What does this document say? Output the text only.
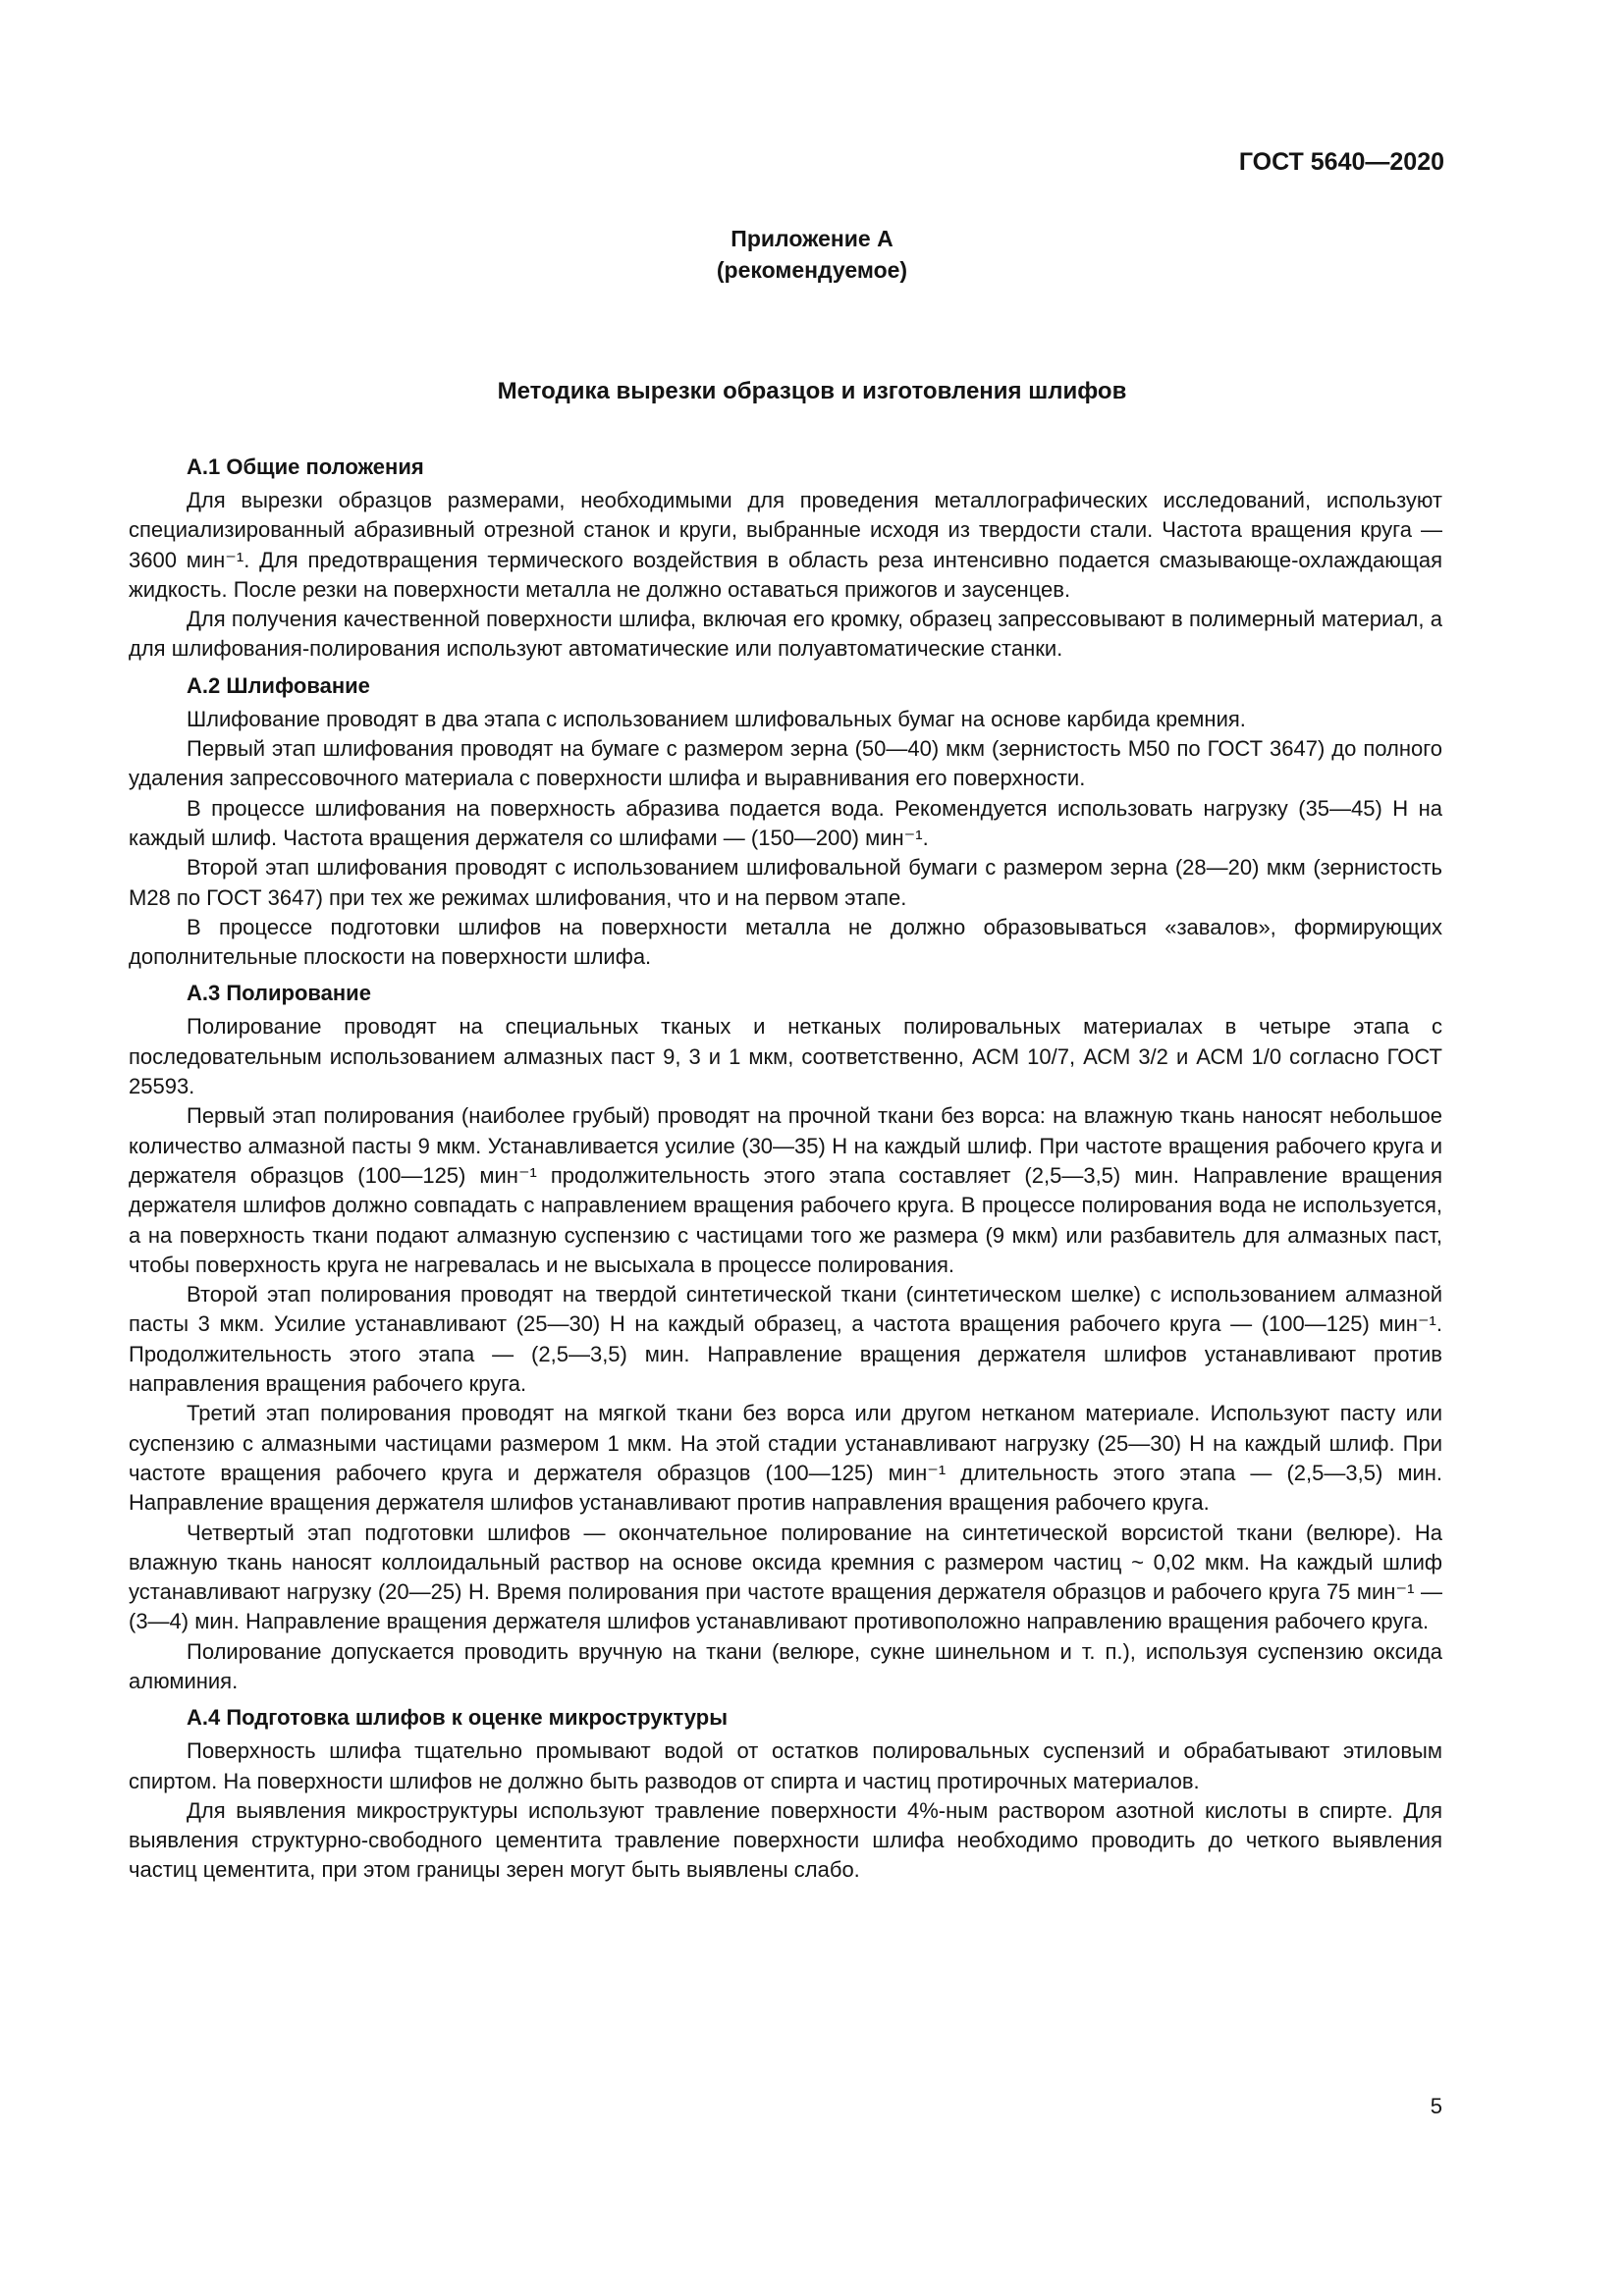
ГОСТ 5640—2020
Приложение А
(рекомендуемое)
Методика вырезки образцов и изготовления шлифов
А.1 Общие положения

Для вырезки образцов размерами, необходимыми для проведения металлографических исследований, используют специализированный абразивный отрезной станок и круги, выбранные исходя из твердости стали. Частота вращения круга — 3600 мин⁻¹. Для предотвращения термического воздействия в область реза интенсивно подается смазывающе-охлаждающая жидкость. После резки на поверхности металла не должно оставаться прижогов и заусенцев.

Для получения качественной поверхности шлифа, включая его кромку, образец запрессовывают в полимерный материал, а для шлифования-полирования используют автоматические или полуавтоматические станки.

А.2 Шлифование

Шлифование проводят в два этапа с использованием шлифовальных бумаг на основе карбида кремния.

Первый этап шлифования проводят на бумаге с размером зерна (50—40) мкм (зернистость М50 по ГОСТ 3647) до полного удаления запрессовочного материала с поверхности шлифа и выравнивания его поверхности.

В процессе шлифования на поверхность абразива подается вода. Рекомендуется использовать нагрузку (35—45) Н на каждый шлиф. Частота вращения держателя со шлифами — (150—200) мин⁻¹.

Второй этап шлифования проводят с использованием шлифовальной бумаги с размером зерна (28—20) мкм (зернистость М28 по ГОСТ 3647) при тех же режимах шлифования, что и на первом этапе.

В процессе подготовки шлифов на поверхности металла не должно образовываться «завалов», формирующих дополнительные плоскости на поверхности шлифа.

А.3 Полирование

Полирование проводят на специальных тканых и нетканых полировальных материалах в четыре этапа с последовательным использованием алмазных паст 9, 3 и 1 мкм, соответственно, АСМ 10/7, АСМ 3/2 и АСМ 1/0 согласно ГОСТ 25593.

Первый этап полирования (наиболее грубый) проводят на прочной ткани без ворса: на влажную ткань наносят небольшое количество алмазной пасты 9 мкм. Устанавливается усилие (30—35) Н на каждый шлиф. При частоте вращения рабочего круга и держателя образцов (100—125) мин⁻¹ продолжительность этого этапа составляет (2,5—3,5) мин. Направление вращения держателя шлифов должно совпадать с направлением вращения рабочего круга. В процессе полирования вода не используется, а на поверхность ткани подают алмазную суспензию с частицами того же размера (9 мкм) или разбавитель для алмазных паст, чтобы поверхность круга не нагревалась и не высыхала в процессе полирования.

Второй этап полирования проводят на твердой синтетической ткани (синтетическом шелке) с использованием алмазной пасты 3 мкм. Усилие устанавливают (25—30) Н на каждый образец, а частота вращения рабочего круга — (100—125) мин⁻¹. Продолжительность этого этапа — (2,5—3,5) мин. Направление вращения держателя шлифов устанавливают против направления вращения рабочего круга.

Третий этап полирования проводят на мягкой ткани без ворса или другом нетканом материале. Используют пасту или суспензию с алмазными частицами размером 1 мкм. На этой стадии устанавливают нагрузку (25—30) Н на каждый шлиф. При частоте вращения рабочего круга и держателя образцов (100—125) мин⁻¹ длительность этого этапа — (2,5—3,5) мин. Направление вращения держателя шлифов устанавливают против направления вращения рабочего круга.

Четвертый этап подготовки шлифов — окончательное полирование на синтетической ворсистой ткани (велюре). На влажную ткань наносят коллоидальный раствор на основе оксида кремния с размером частиц ~ 0,02 мкм. На каждый шлиф устанавливают нагрузку (20—25) Н. Время полирования при частоте вращения держателя образцов и рабочего круга 75 мин⁻¹ — (3—4) мин. Направление вращения держателя шлифов устанавливают противоположно направлению вращения рабочего круга.

Полирование допускается проводить вручную на ткани (велюре, сукне шинельном и т. п.), используя суспензию оксида алюминия.

А.4 Подготовка шлифов к оценке микроструктуры

Поверхность шлифа тщательно промывают водой от остатков полировальных суспензий и обрабатывают этиловым спиртом. На поверхности шлифов не должно быть разводов от спирта и частиц протирочных материалов.

Для выявления микроструктуры используют травление поверхности 4%-ным раствором азотной кислоты в спирте. Для выявления структурно-свободного цементита травление поверхности шлифа необходимо проводить до четкого выявления частиц цементита, при этом границы зерен могут быть выявлены слабо.

5
